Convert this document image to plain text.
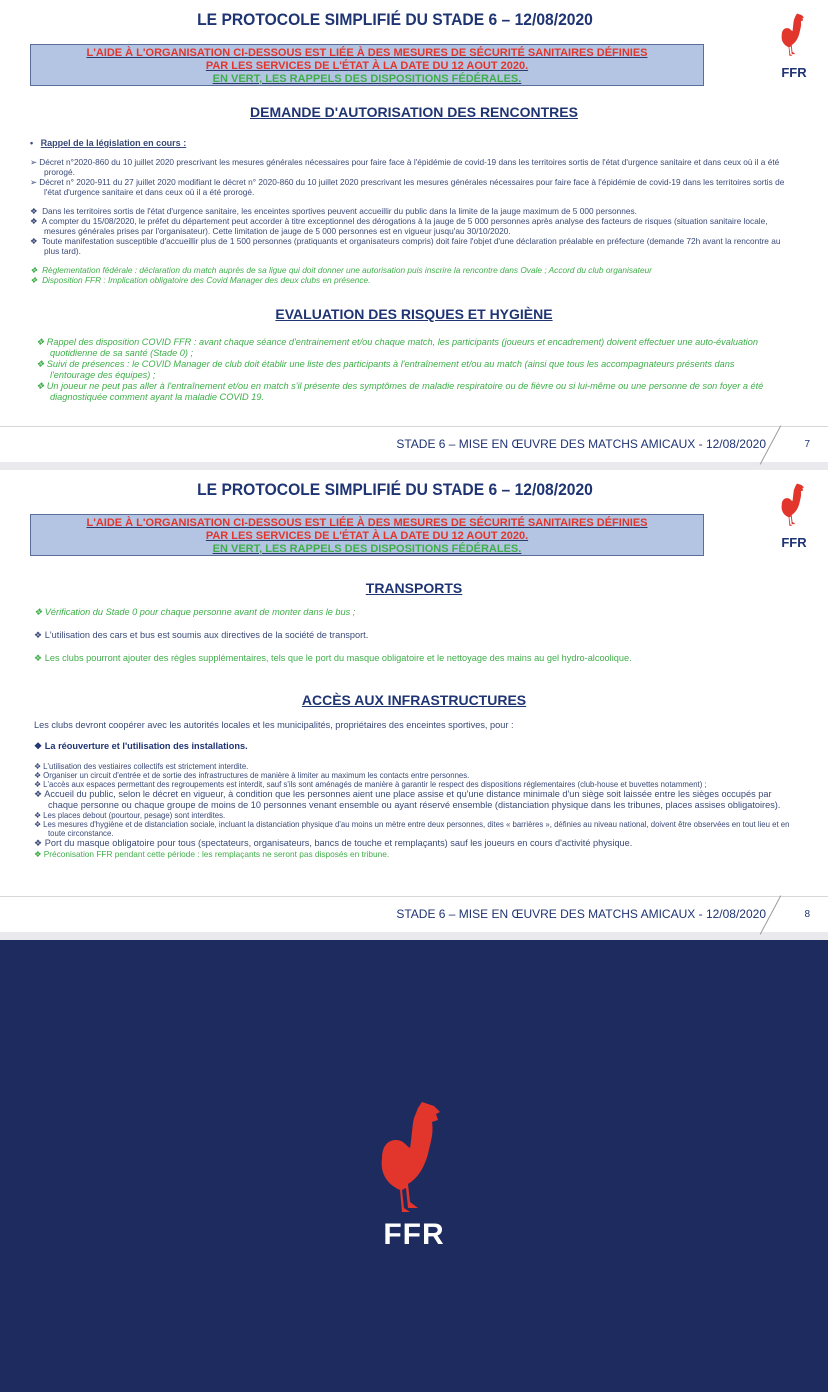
LE PROTOCOLE SIMPLIFIÉ DU STADE 6 – 12/08/2020
FFR
L'AIDE À L'ORGANISATION CI-DESSOUS EST LIÉE À DES MESURES DE SÉCURITÉ SANITAIRES DÉFINIES
PAR LES SERVICES DE L'ÉTAT À LA DATE DU 12 AOUT 2020.
EN VERT, LES RAPPELS DES DISPOSITIONS FÉDÉRALES.
DEMANDE D'AUTORISATION DES RENCONTRES

•   Rappel de la législation en cours :

➢ Décret n°2020-860 du 10 juillet 2020 prescrivant les mesures générales nécessaires pour faire face à l'épidémie de covid-19 dans les territoires sortis de l'état d'urgence sanitaire et dans ceux où il a été prorogé.

➢ Décret n° 2020-911 du 27 juillet 2020 modifiant le décret n° 2020-860 du 10 juillet 2020 prescrivant les mesures générales nécessaires pour faire face à l'épidémie de covid-19 dans les territoires sortis de l'état d'urgence sanitaire et dans ceux où il a été prorogé.

❖  Dans les territoires sortis de l'état d'urgence sanitaire, les enceintes sportives peuvent accueillir du public dans la limite de la jauge maximum de 5 000 personnes.

❖  A compter du 15/08/2020, le préfet du département peut accorder à titre exceptionnel des dérogations à la jauge de 5 000 personnes après analyse des facteurs de risques (situation sanitaire locale, mesures générales prises par l'organisateur). Cette limitation de jauge de 5 000 personnes est en vigueur jusqu'au 30/10/2020.

❖  Toute manifestation susceptible d'accueillir plus de 1 500 personnes (pratiquants et organisateurs compris) doit faire l'objet d'une déclaration préalable en préfecture (demande 72h avant la rencontre au plus tard).

❖  Règlementation fédérale : déclaration du match auprès de sa ligue qui doit donner une autorisation puis inscrire la rencontre dans Ovale ; Accord du club organisateur

❖  Disposition FFR : Implication obligatoire des Covid Manager des deux clubs en présence.

EVALUATION DES RISQUES ET HYGIÈNE

❖ Rappel des disposition COVID FFR : avant chaque séance d'entrainement et/ou chaque match, les participants (joueurs et encadrement) doivent effectuer une auto-évaluation quotidienne de sa santé (Stade 0) ;

❖ Suivi de présences : le COVID Manager de club doit établir une liste des participants à l'entraînement et/ou au match (ainsi que tous les accompagnateurs présents dans l'entourage des équipes) ;

❖ Un joueur ne peut pas aller à l'entraînement et/ou en match s'il présente des symptômes de maladie respiratoire ou de fièvre ou si lui-même ou une personne de son foyer a été diagnostiquée comment ayant la maladie COVID 19.

STADE 6 – MISE EN ŒUVRE DES MATCHS AMICAUX - 12/08/2020	7
LE PROTOCOLE SIMPLIFIÉ DU STADE 6 – 12/08/2020
FFR
L'AIDE À L'ORGANISATION CI-DESSOUS EST LIÉE À DES MESURES DE SÉCURITÉ SANITAIRES DÉFINIES
PAR LES SERVICES DE L'ÉTAT À LA DATE DU 12 AOUT 2020.
EN VERT, LES RAPPELS DES DISPOSITIONS FÉDÉRALES.
TRANSPORTS

❖ Vérification du Stade 0 pour chaque personne avant de monter dans le bus ;

❖ L'utilisation des cars et bus est soumis aux directives de la société de transport.

❖ Les clubs pourront ajouter des règles supplémentaires, tels que le port du masque obligatoire et le nettoyage des mains au gel hydro-alcoolique.

ACCÈS AUX INFRASTRUCTURES

Les clubs devront coopérer avec les autorités locales et les municipalités, propriétaires des enceintes sportives, pour :

❖ La réouverture et l'utilisation des installations.

❖ L'utilisation des vestiaires collectifs est strictement interdite.

❖ Organiser un circuit d'entrée et de sortie des infrastructures de manière à limiter au maximum les contacts entre personnes.

❖ L'accès aux espaces permettant des regroupements est interdit, sauf s'ils sont aménagés de manière à garantir le respect des dispositions réglementaires (club-house et buvettes notamment) ;

❖ Accueil du public, selon le décret en vigueur, à condition que les personnes aient une place assise et qu'une distance minimale d'un siège soit laissée entre les sièges occupés par chaque personne ou chaque groupe de moins de 10 personnes venant ensemble ou ayant réservé ensemble (distanciation physique dans les tribunes, places assises obligatoires).

❖ Les places debout (pourtour, pesage) sont interdites.

❖ Les mesures d'hygiène et de distanciation sociale, incluant la distanciation physique d'au moins un mètre entre deux personnes, dites « barrières », définies au niveau national, doivent être observées en tout lieu et en toute circonstance.

❖ Port du masque obligatoire pour tous (spectateurs, organisateurs, bancs de touche et remplaçants) sauf les joueurs en cours d'activité physique.

❖ Préconisation FFR pendant cette période : les remplaçants ne seront pas disposés en tribune.

STADE 6 – MISE EN ŒUVRE DES MATCHS AMICAUX - 12/08/2020	8
FFR
